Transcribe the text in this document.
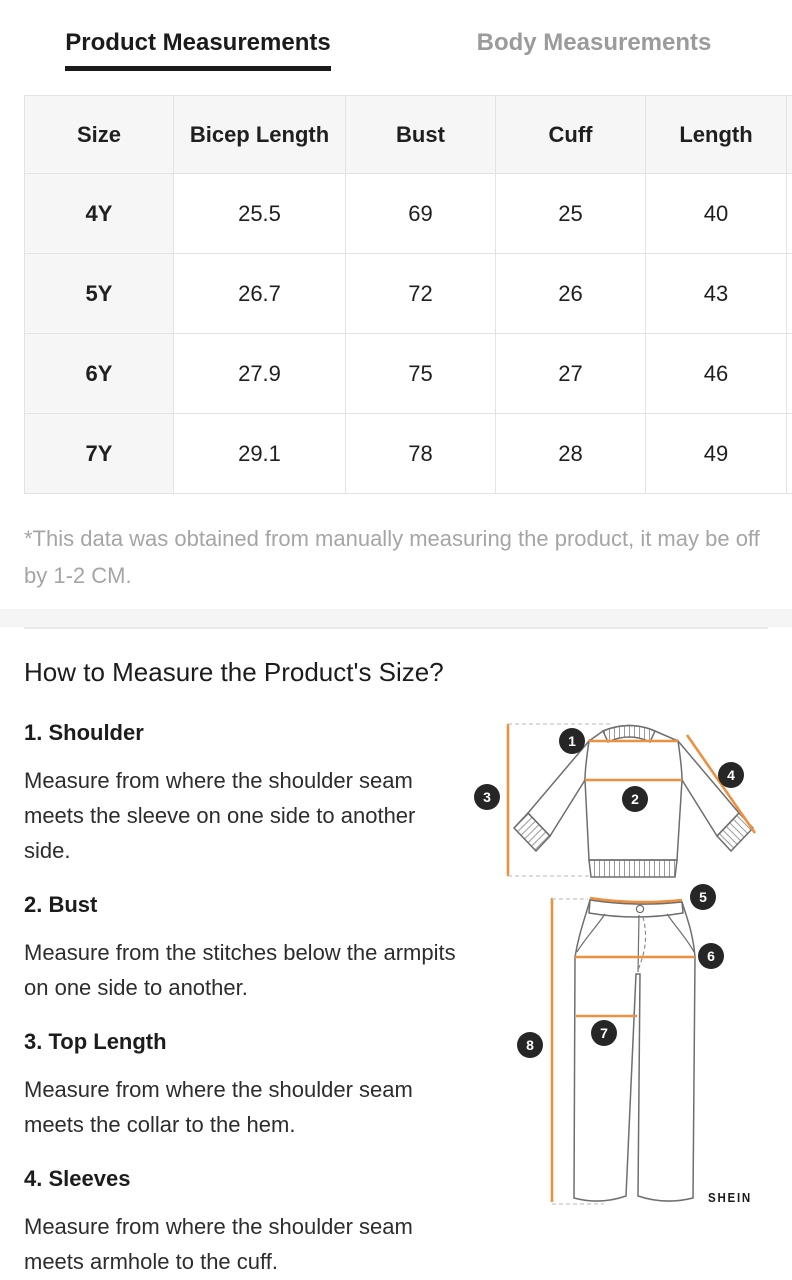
Product Measurements	Body Measurements
Size	Bicep Length	Bust	Cuff	Length	
4Y	25.5	69	25	40	
5Y	26.7	72	26	43	
6Y	27.9	75	27	46	
7Y	29.1	78	28	49	

*This data was obtained from manually measuring the product, it may be off by 1-2 CM.

How to Measure the Product's Size?

1. Shoulder

Measure from where the shoulder seam meets the sleeve on one side to another side.

2. Bust

Measure from the stitches below the armpits on one side to another.

3. Top Length

Measure from where the shoulder seam meets the collar to the hem.

4. Sleeves

Measure from where the shoulder seam meets armhole to the cuff.

1
2
3
4
5
6
7
8
SHEIN
